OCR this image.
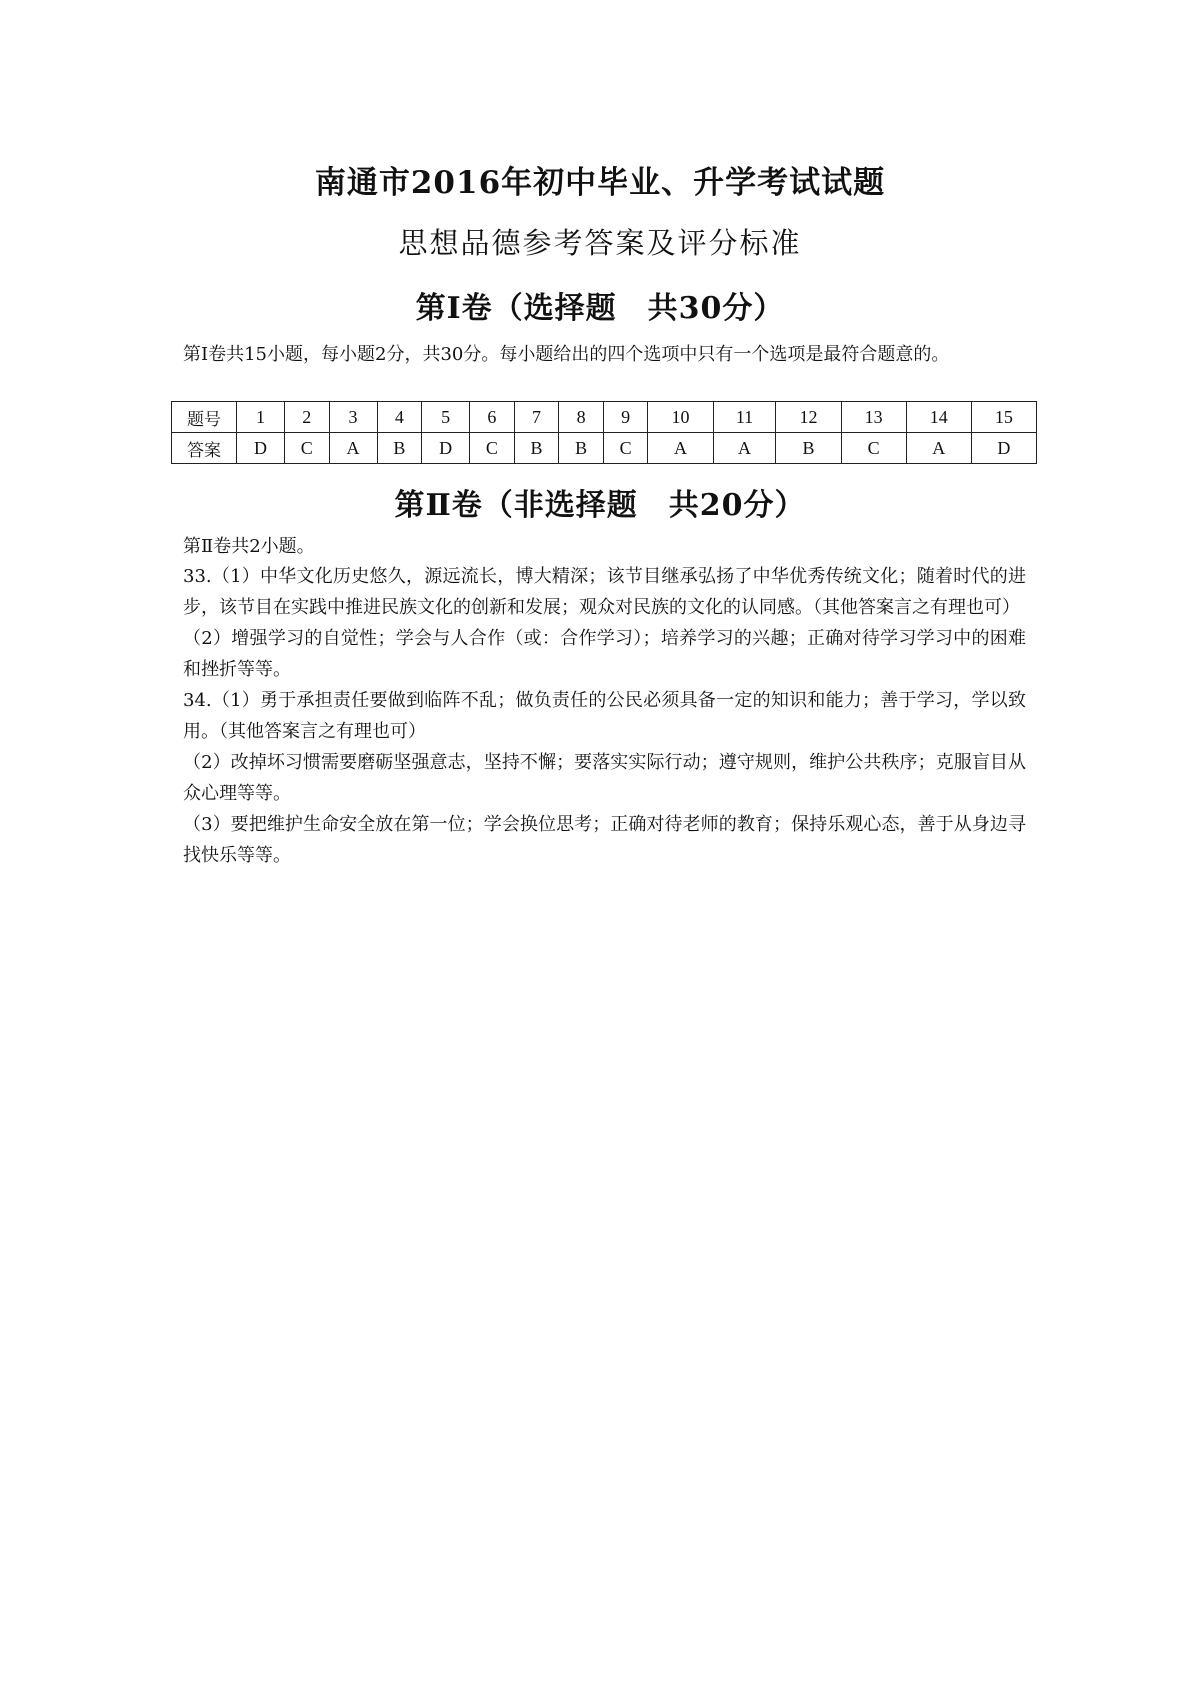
南通市2016年初中毕业、升学考试试题
思想品德参考答案及评分标准
第Ⅰ卷（选择题　共30分）

第Ⅰ卷共15小题，每小题2分，共30分。每小题给出的四个选项中只有一个选项是最符合题意的。

题号	1	2	3	4	5	6	7	8	9	10	11	12	13	14	15
答案	D	C	A	B	D	C	B	B	C	A	A	B	C	A	D
第Ⅱ卷（非选择题　共20分）

第Ⅱ卷共2小题。

33.（1）中华文化历史悠久，源远流长，博大精深；该节目继承弘扬了中华优秀传统文化；随着时代的进步，该节目在实践中推进民族文化的创新和发展；观众对民族的文化的认同感。（其他答案言之有理也可）

（2）增强学习的自觉性；学会与人合作（或：合作学习）；培养学习的兴趣；正确对待学习学习中的困难和挫折等等。

34.（1）勇于承担责任要做到临阵不乱；做负责任的公民必须具备一定的知识和能力；善于学习，学以致用。（其他答案言之有理也可）

（2）改掉坏习惯需要磨砺坚强意志，坚持不懈；要落实实际行动；遵守规则，维护公共秩序；克服盲目从众心理等等。

（3）要把维护生命安全放在第一位；学会换位思考；正确对待老师的教育；保持乐观心态，善于从身边寻找快乐等等。
